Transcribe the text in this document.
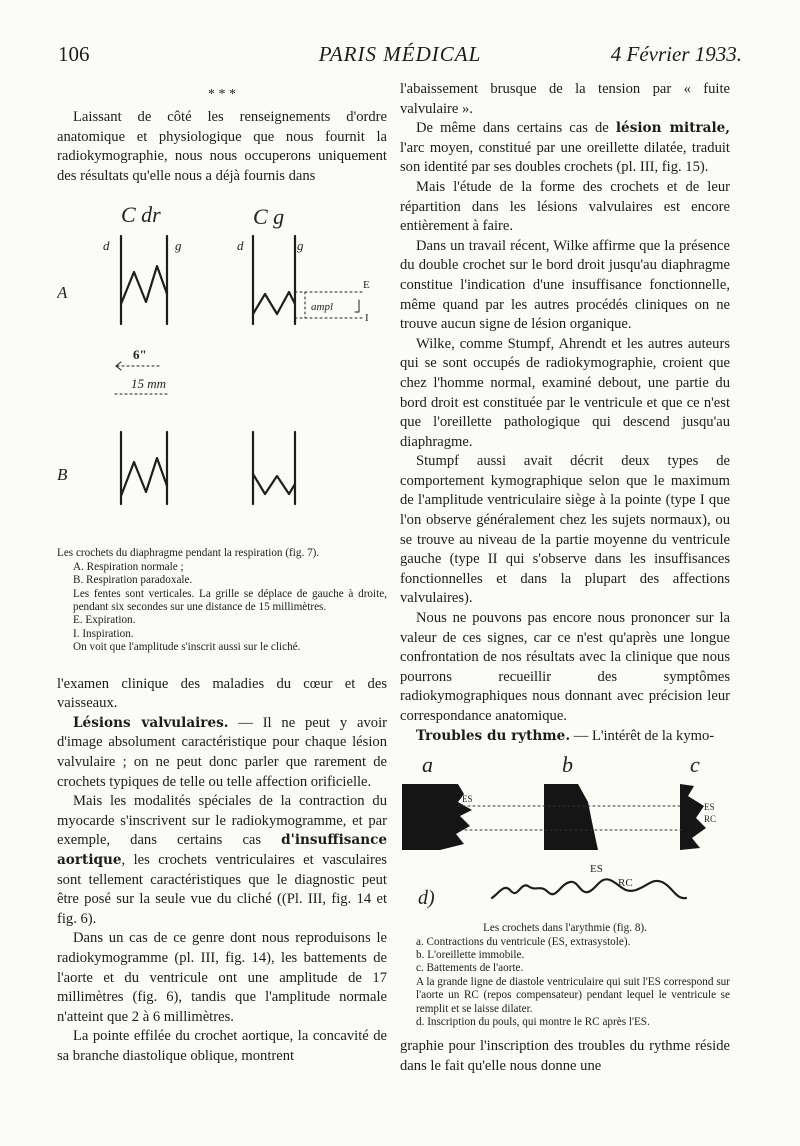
106	PARIS MÉDICAL	4 Février 1933.
* * *

Laissant de côté les renseignements d'ordre anatomique et physiologique que nous fournit la radiokymographie, nous nous occuperons uniquement des résultats qu'elle nous a déjà fournis dans

C dr	C g
d	g	d	g
A
B
E
ampl
I
6"
15 mm

Les crochets du diaphragme pendant la respiration (fig. 7).

A. Respiration normale ;

B. Respiration paradoxale.

Les fentes sont verticales. La grille se déplace de gauche à droite, pendant six secondes sur une distance de 15 millimètres.

E. Expiration.

I. Inspiration.

On voit que l'amplitude s'inscrit aussi sur le cliché.

l'examen clinique des maladies du cœur et des vaisseaux.

Lésions valvulaires. — Il ne peut y avoir d'image absolument caractéristique pour chaque lésion valvulaire ; on ne peut donc parler que rarement de crochets typiques de telle ou telle affection orificielle.

Mais les modalités spéciales de la contraction du myocarde s'inscrivent sur le radiokymogramme, et par exemple, dans certains cas d'insuffisance aortique, les crochets ventriculaires et vasculaires sont tellement caractéristiques que le diagnostic peut être posé sur la seule vue du cliché ((Pl. III, fig. 14 et fig. 6).

Dans un cas de ce genre dont nous reproduisons le radiokymogramme (pl. III, fig. 14), les battements de l'aorte et du ventricule ont une amplitude de 17 millimètres (fig. 6), tandis que l'amplitude normale n'atteint que 2 à 6 millimètres.

La pointe effilée du crochet aortique, la concavité de sa branche diastolique oblique, montrent

l'abaissement brusque de la tension par « fuite valvulaire ».

De même dans certains cas de lésion mitrale, l'arc moyen, constitué par une oreillette dilatée, traduit son identité par ses doubles crochets (pl. III, fig. 15).

Mais l'étude de la forme des crochets et de leur répartition dans les lésions valvulaires est encore entièrement à faire.

Dans un travail récent, Wilke affirme que la présence du double crochet sur le bord droit jusqu'au diaphragme constitue l'indication d'une insuffisance fonctionnelle, même quand par les autres procédés cliniques on ne trouve aucun signe de lésion organique.

Wilke, comme Stumpf, Ahrendt et les autres auteurs qui se sont occupés de radiokymographie, croient que chez l'homme normal, examiné debout, une partie du bord droit est constituée par le ventricule et que ce n'est que l'oreillette pathologique qui descend jusqu'au diaphragme.

Stumpf aussi avait décrit deux types de comportement kymographique selon que le maximum de l'amplitude ventriculaire siège à la pointe (type I que l'on observe généralement chez les sujets normaux), ou se trouve au niveau de la partie moyenne du ventricule gauche (type II qui s'observe dans les insuffisances fonctionnelles et dans la plupart des affections valvulaires).

Nous ne pouvons pas encore nous prononcer sur la valeur de ces signes, car ce n'est qu'après une longue confrontation de nos résultats avec la clinique que nous pourrons recueillir des symptômes radiokymographiques nous donnant avec précision leur correspondance anatomique.

Troubles du rythme. — L'intérêt de la kymo-

a	b	c
ES
ES
RC
d)
ES
RC

Les crochets dans l'arythmie (fig. 8).

a. Contractions du ventricule (ES, extrasystole).

b. L'oreillette immobile.

c. Battements de l'aorte.

A la grande ligne de diastole ventriculaire qui suit l'ES correspond sur l'aorte un RC (repos compensateur) pendant lequel le ventricule se remplit et se laisse dilater.

d. Inscription du pouls, qui montre le RC après l'ES.

graphie pour l'inscription des troubles du rythme réside dans le fait qu'elle nous donne une
